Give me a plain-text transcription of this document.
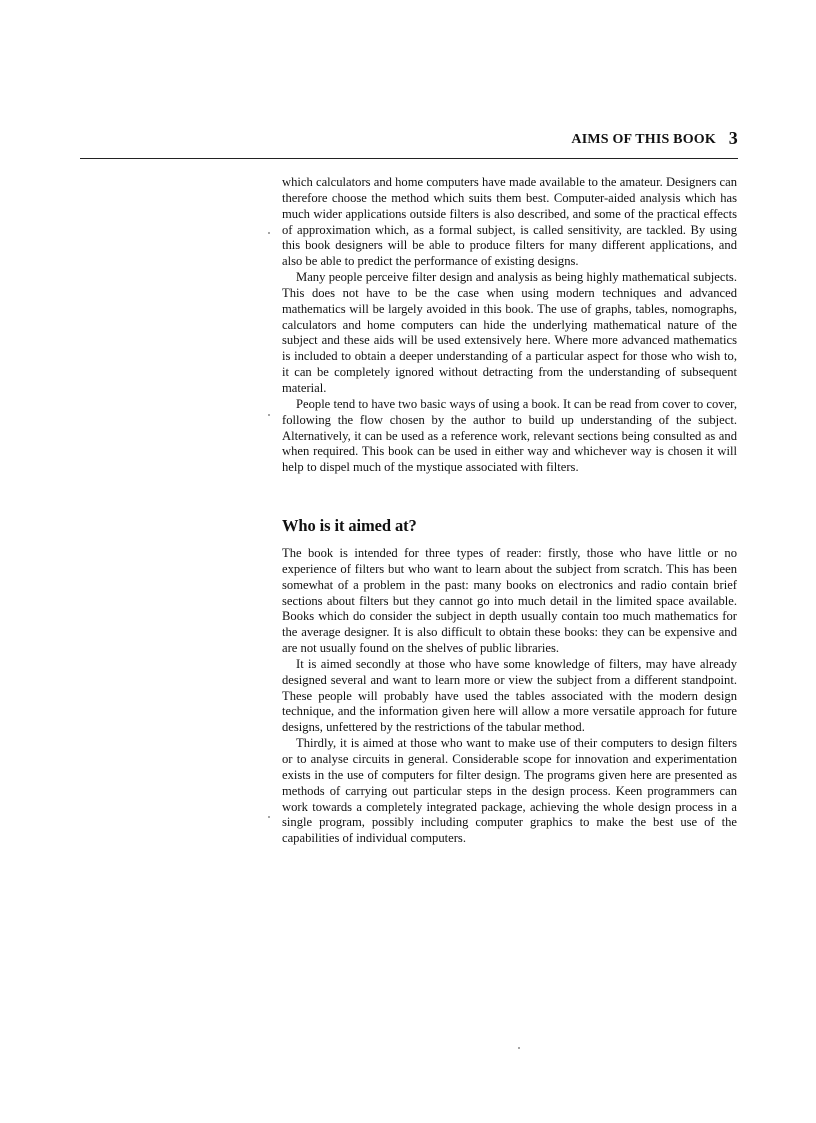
AIMS OF THIS BOOK 3

which calculators and home computers have made available to the amateur. Designers can therefore choose the method which suits them best. Computer-aided analysis which has much wider applications outside filters is also described, and some of the practical effects of approximation which, as a formal subject, is called sensitivity, are tackled. By using this book designers will be able to produce filters for many different applications, and also be able to predict the performance of existing designs.

Many people perceive filter design and analysis as being highly mathematical subjects. This does not have to be the case when using modern techniques and advanced mathematics will be largely avoided in this book. The use of graphs, tables, nomographs, calculators and home computers can hide the underlying mathematical nature of the subject and these aids will be used extensively here. Where more advanced mathematics is included to obtain a deeper understanding of a particular aspect for those who wish to, it can be completely ignored without detracting from the understanding of subsequent material.

People tend to have two basic ways of using a book. It can be read from cover to cover, following the flow chosen by the author to build up understanding of the subject. Alternatively, it can be used as a reference work, relevant sections being consulted as and when required. This book can be used in either way and whichever way is chosen it will help to dispel much of the mystique associated with filters.

Who is it aimed at?

The book is intended for three types of reader: firstly, those who have little or no experience of filters but who want to learn about the subject from scratch. This has been somewhat of a problem in the past: many books on electronics and radio contain brief sections about filters but they cannot go into much detail in the limited space available. Books which do consider the subject in depth usually contain too much mathematics for the average designer. It is also difficult to obtain these books: they can be expensive and are not usually found on the shelves of public libraries.

It is aimed secondly at those who have some knowledge of filters, may have already designed several and want to learn more or view the subject from a different standpoint. These people will probably have used the tables associated with the modern design technique, and the information given here will allow a more versatile approach for future designs, unfettered by the restrictions of the tabular method.

Thirdly, it is aimed at those who want to make use of their computers to design filters or to analyse circuits in general. Considerable scope for innovation and experimentation exists in the use of computers for filter design. The programs given here are presented as methods of carrying out particular steps in the design process. Keen programmers can work towards a completely integrated package, achieving the whole design process in a single program, possibly including computer graphics to make the best use of the capabilities of individual computers.
